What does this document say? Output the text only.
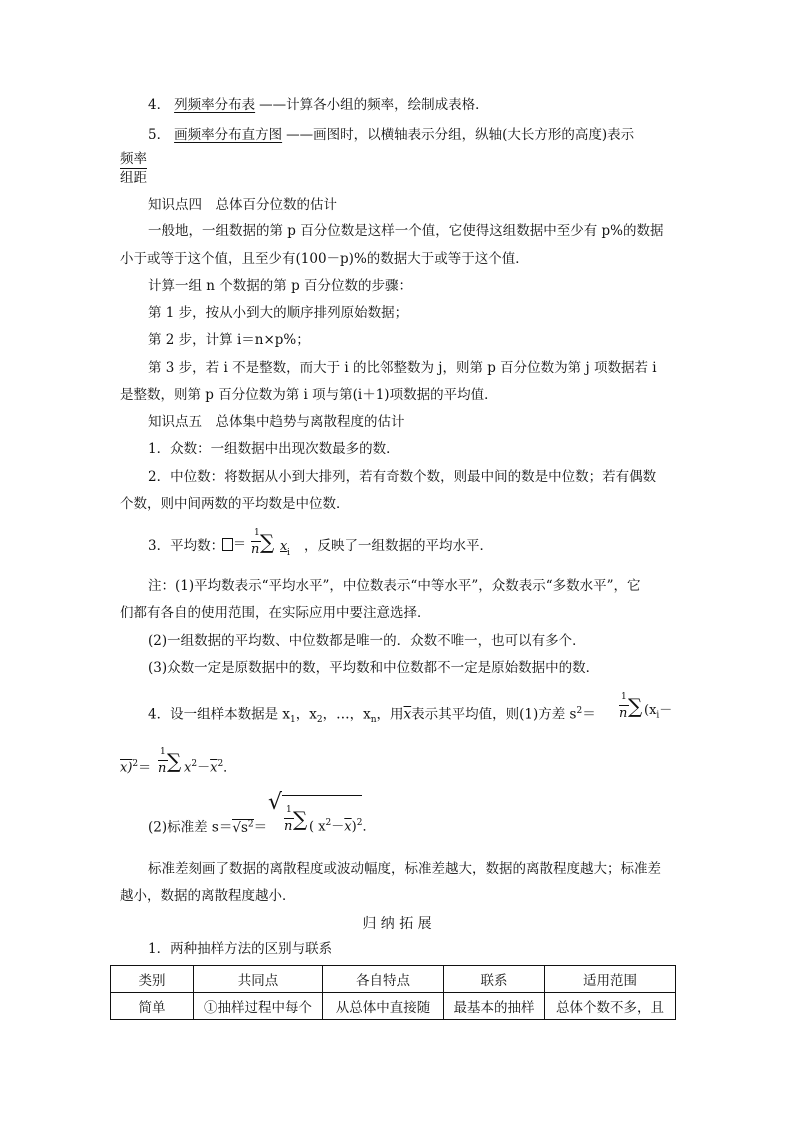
4． 列频率分布表 ——计算各小组的频率，绘制成表格．
5． 画频率分布直方图 ——画图时，以横轴表示分组，纵轴(大长方形的高度)表示
频率
组距
知识点四　总体百分位数的估计
一般地，一组数据的第 p 百分位数是这样一个值，它使得这组数据中至少有 p%的数据
小于或等于这个值，且至少有(100－p)%的数据大于或等于这个值．
计算一组 n 个数据的第 p 百分位数的步骤：
第 1 步，按从小到大的顺序排列原始数据；
第 2 步，计算 i＝n×p%；
第 3 步，若 i 不是整数，而大于 i 的比邻整数为 j，则第 p 百分位数为第 j 项数据若 i
是整数，则第 p 百分位数为第 i 项与第(i＋1)项数据的平均值．
知识点五　总体集中趋势与离散程度的估计
1．众数：一组数据中出现次数最多的数．
2．中位数：将数据从小到大排列，若有奇数个数，则最中间的数是中位数；若有偶数
个数，则中间两数的平均数是中位数．
3．平均数： ＝
1
n ∑ x i ，反映了一组数据的平均水平．
注：(1)平均数表示“平均水平”，中位数表示“中等水平”，众数表示“多数水平”，它
们都有各自的使用范围，在实际应用中要注意选择．
(2)一组数据的平均数、中位数都是唯一的．众数不唯一，也可以有多个．
(3)众数一定是原数据中的数，平均数和中位数都不一定是原始数据中的数．
4．设一组样本数据是 $x_1$，$x_2$，…，$x_n$，用$\overline{x}$表示其平均值，则(1)方差 $s^2=$
1
n ∑ ($x_i-$
x)$^2$＝
1
n ∑ $x^2-\overline{x}^2$．
(2)标准差 $s=√s^2=$
√ 1
n ∑ ( $x^2-\overline{x})^2$．
标准差刻画了数据的离散程度或波动幅度，标准差越大，数据的离散程度越大；标准差
越小，数据的离散程度越小．
归 纳 拓 展
1．两种抽样方法的区别与联系
类别	共同点	各自特点	联系	适用范围
简单	①抽样过程中每个	从总体中直接随	最基本的抽样	总体个数不多，且
